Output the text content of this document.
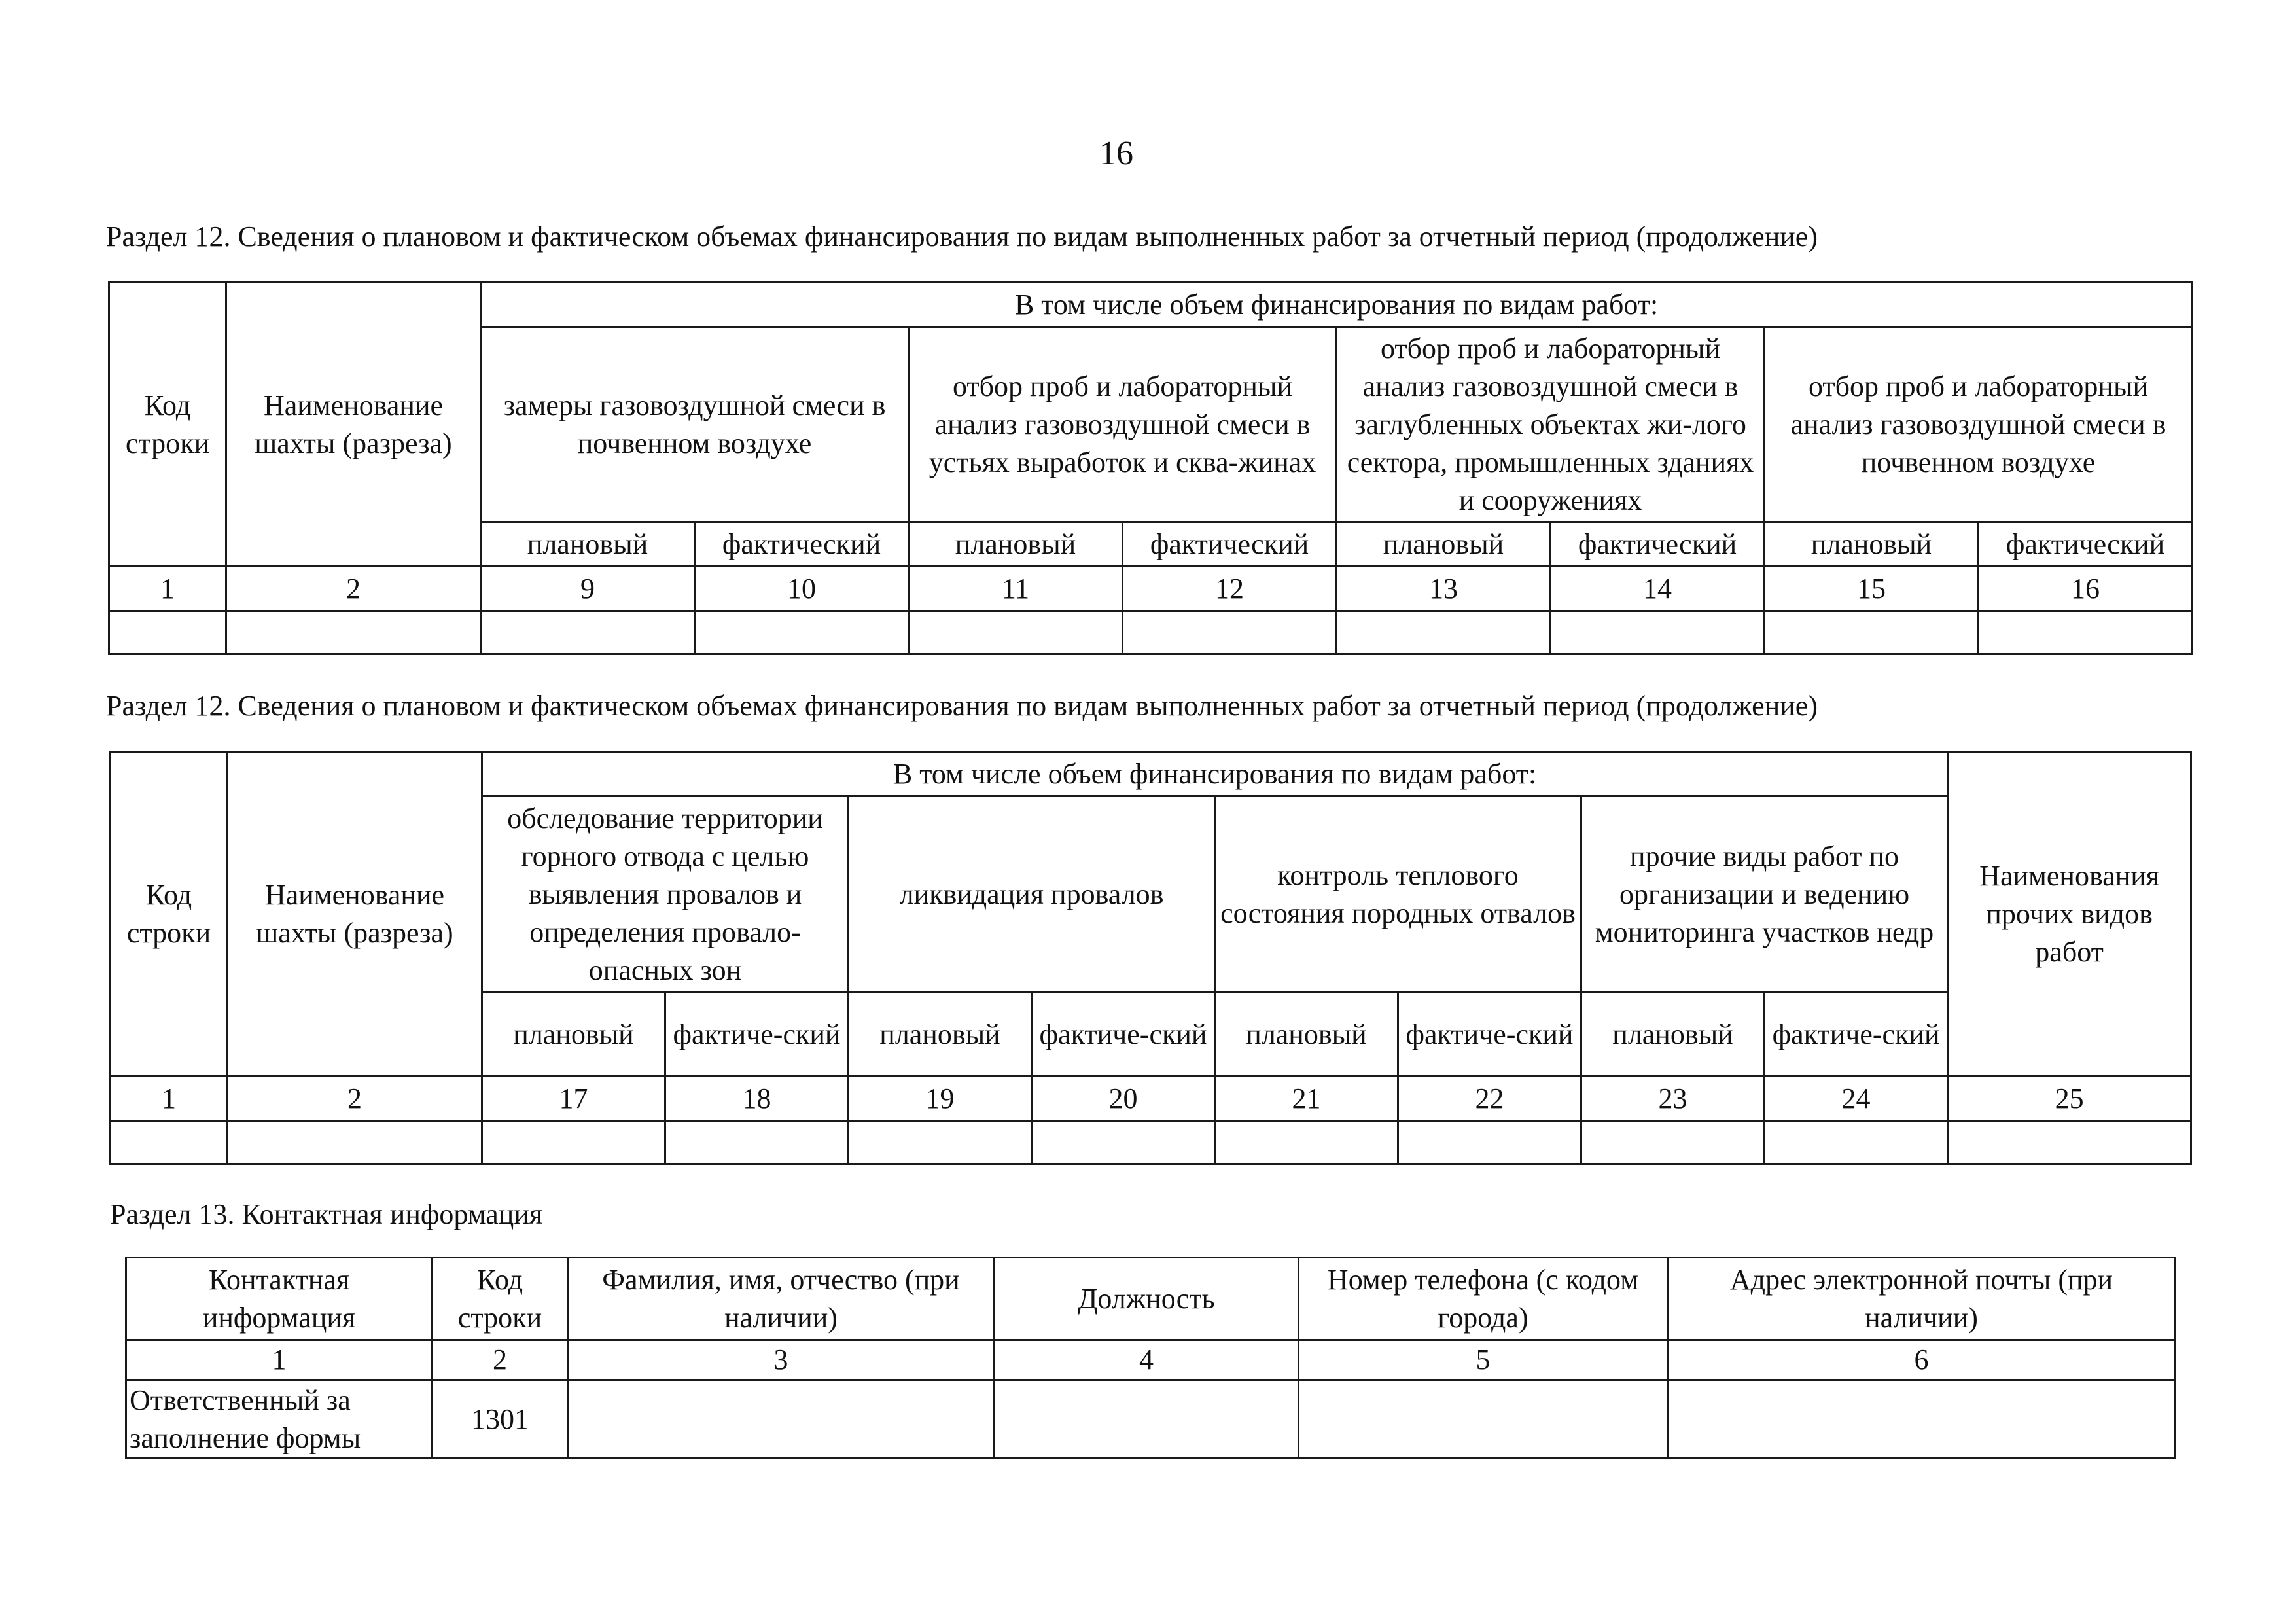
16
Раздел 12. Сведения о плановом и фактическом объемах финансирования по видам выполненных работ за отчетный период (продолжение)
Код строки	Наименование шахты (разреза)	В том числе объем финансирования по видам работ:							
		замеры газовоздушной смеси в почвенном воздухе		отбор проб и лабораторный анализ газовоздушной смеси в устьях выработок и сква-жинах		отбор проб и лабораторный анализ газовоздушной смеси в заглубленных объектах жи-лого сектора, промышленных зданиях и сооружениях		отбор проб и лабораторный анализ газовоздушной смеси в почвенном воздухе	
		плановый	фактический	плановый	фактический	плановый	фактический	плановый	фактический
1	2	9	10	11	12	13	14	15	16

Раздел 12. Сведения о плановом и фактическом объемах финансирования по видам выполненных работ за отчетный период (продолжение)
Код строки	Наименование шахты (разреза)	В том числе объем финансирования по видам работ:								Наименования прочих видов работ
		обследование территории горного отвода с целью выявления провалов и определения провало-опасных зон		ликвидация провалов		контроль теплового состояния породных отвалов		прочие виды работ по организации и ведению мониторинга участков недр		
		плановый	фактиче-ский	плановый	фактиче-ский	плановый	фактиче-ский	плановый	фактиче-ский	
1	2	17	18	19	20	21	22	23	24	25

Раздел 13. Контактная информация
Контактная информация	Код строки	Фамилия, имя, отчество (при наличии)	Должность	Номер телефона (с кодом города)	Адрес электронной почты (при наличии)
1	2	3	4	5	6
Ответственный за заполнение формы	1301				
